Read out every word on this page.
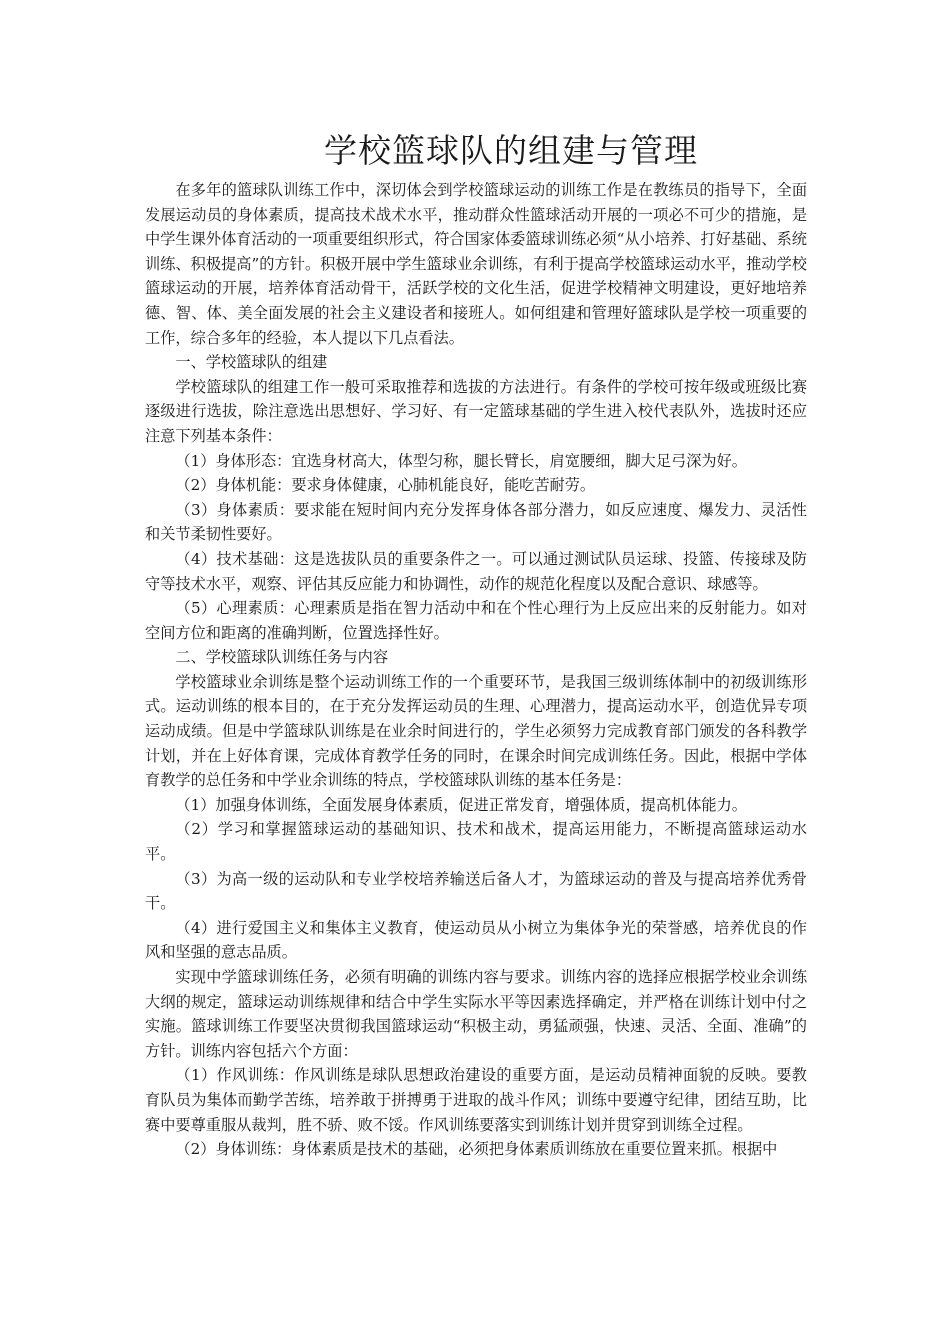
学校篮球队的组建与管理

在多年的篮球队训练工作中，深切体会到学校篮球运动的训练工作是在教练员的指导下，全面发展运动员的身体素质，提高技术战术水平，推动群众性篮球活动开展的一项必不可少的措施，是中学生课外体育活动的一项重要组织形式，符合国家体委篮球训练必须“从小培养、打好基础、系统训练、积极提高”的方针。积极开展中学生篮球业余训练，有利于提高学校篮球运动水平，推动学校篮球运动的开展，培养体育活动骨干，活跃学校的文化生活，促进学校精神文明建设，更好地培养德、智、体、美全面发展的社会主义建设者和接班人。如何组建和管理好篮球队是学校一项重要的工作，综合多年的经验，本人提以下几点看法。

一、学校篮球队的组建

学校篮球队的组建工作一般可采取推荐和选拔的方法进行。有条件的学校可按年级或班级比赛逐级进行选拔，除注意选出思想好、学习好、有一定篮球基础的学生进入校代表队外，选拔时还应注意下列基本条件：

（1）身体形态：宜选身材高大，体型匀称，腿长臂长，肩宽腰细，脚大足弓深为好。

（2）身体机能：要求身体健康，心肺机能良好，能吃苦耐劳。

（3）身体素质：要求能在短时间内充分发挥身体各部分潜力，如反应速度、爆发力、灵活性和关节柔韧性要好。

（4）技术基础：这是选拔队员的重要条件之一。可以通过测试队员运球、投篮、传接球及防守等技术水平，观察、评估其反应能力和协调性，动作的规范化程度以及配合意识、球感等。

（5）心理素质：心理素质是指在智力活动中和在个性心理行为上反应出来的反射能力。如对空间方位和距离的准确判断，位置选择性好。

二、学校篮球队训练任务与内容

学校篮球业余训练是整个运动训练工作的一个重要环节，是我国三级训练体制中的初级训练形式。运动训练的根本目的，在于充分发挥运动员的生理、心理潜力，提高运动水平，创造优异专项运动成绩。但是中学篮球队训练是在业余时间进行的，学生必须努力完成教育部门颁发的各科教学计划，并在上好体育课，完成体育教学任务的同时，在课余时间完成训练任务。因此，根据中学体育教学的总任务和中学业余训练的特点，学校篮球队训练的基本任务是：

（1）加强身体训练，全面发展身体素质，促进正常发育，增强体质，提高机体能力。

（2）学习和掌握篮球运动的基础知识、技术和战术，提高运用能力，不断提高篮球运动水平。

（3）为高一级的运动队和专业学校培养输送后备人才，为篮球运动的普及与提高培养优秀骨干。

（4）进行爱国主义和集体主义教育，使运动员从小树立为集体争光的荣誉感，培养优良的作风和坚强的意志品质。

实现中学篮球训练任务，必须有明确的训练内容与要求。训练内容的选择应根据学校业余训练大纲的规定，篮球运动训练规律和结合中学生实际水平等因素选择确定，并严格在训练计划中付之实施。篮球训练工作要坚决贯彻我国篮球运动“积极主动，勇猛顽强，快速、灵活、全面、准确”的方针。训练内容包括六个方面：

（1）作风训练：作风训练是球队思想政治建设的重要方面，是运动员精神面貌的反映。要教育队员为集体而勤学苦练，培养敢于拼搏勇于进取的战斗作风；训练中要遵守纪律，团结互助，比赛中要尊重服从裁判，胜不骄、败不馁。作风训练要落实到训练计划并贯穿到训练全过程。

（2）身体训练：身体素质是技术的基础，必须把身体素质训练放在重要位置来抓。根据中
